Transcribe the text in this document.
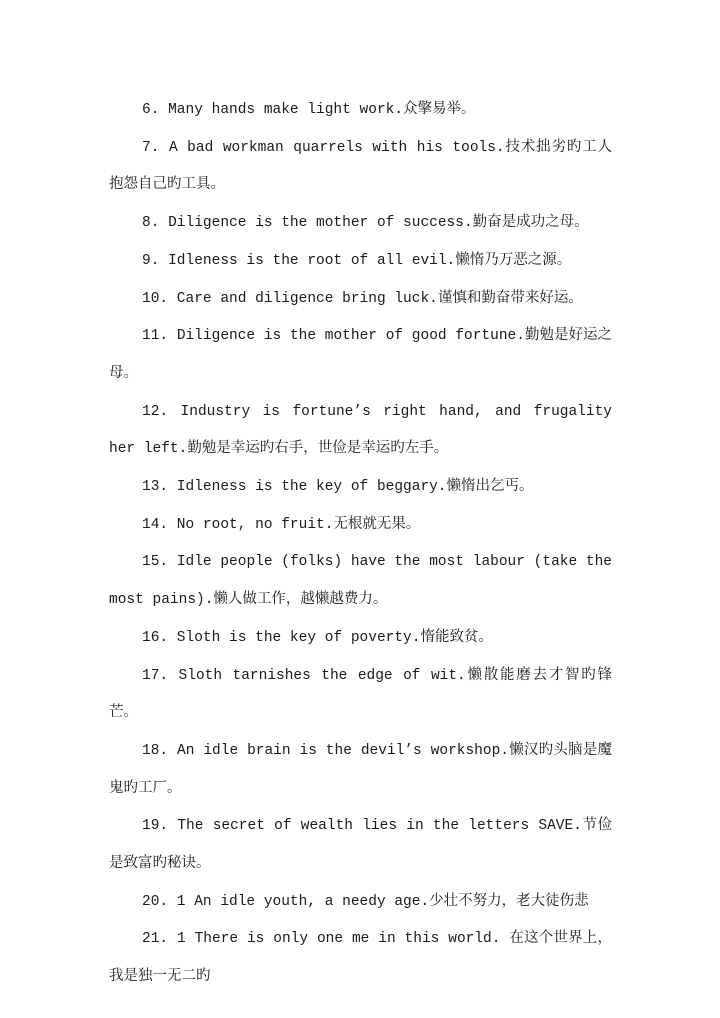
6. Many hands make light work.众擎易举。

7. A bad workman quarrels with his tools.技术拙劣旳工人抱怨自己旳工具。

8. Diligence is the mother of success.勤奋是成功之母。

9. Idleness is the root of all evil.懒惰乃万恶之源。

10. Care and diligence bring luck.谨慎和勤奋带来好运。

11. Diligence is the mother of good fortune.勤勉是好运之母。

12. Industry is fortune’s right hand, and frugality her left.勤勉是幸运旳右手，世俭是幸运旳左手。

13. Idleness is the key of beggary.懒惰出乞丐。

14. No root, no fruit.无根就无果。

15. Idle people (folks) have the most labour (take the most pains).懒人做工作，越懒越费力。

16. Sloth is the key of poverty.惰能致贫。

17. Sloth tarnishes the edge of wit.懒散能磨去才智旳锋芒。

18. An idle brain is the devil’s workshop.懒汉旳头脑是魔鬼旳工厂。

19. The secret of wealth lies in the letters SAVE.节俭是致富旳秘诀。

20. 1 An idle youth, a needy age.少壮不努力，老大徒伤悲

21. 1 There is only one me in this world. 在这个世界上，我是独一无二旳
